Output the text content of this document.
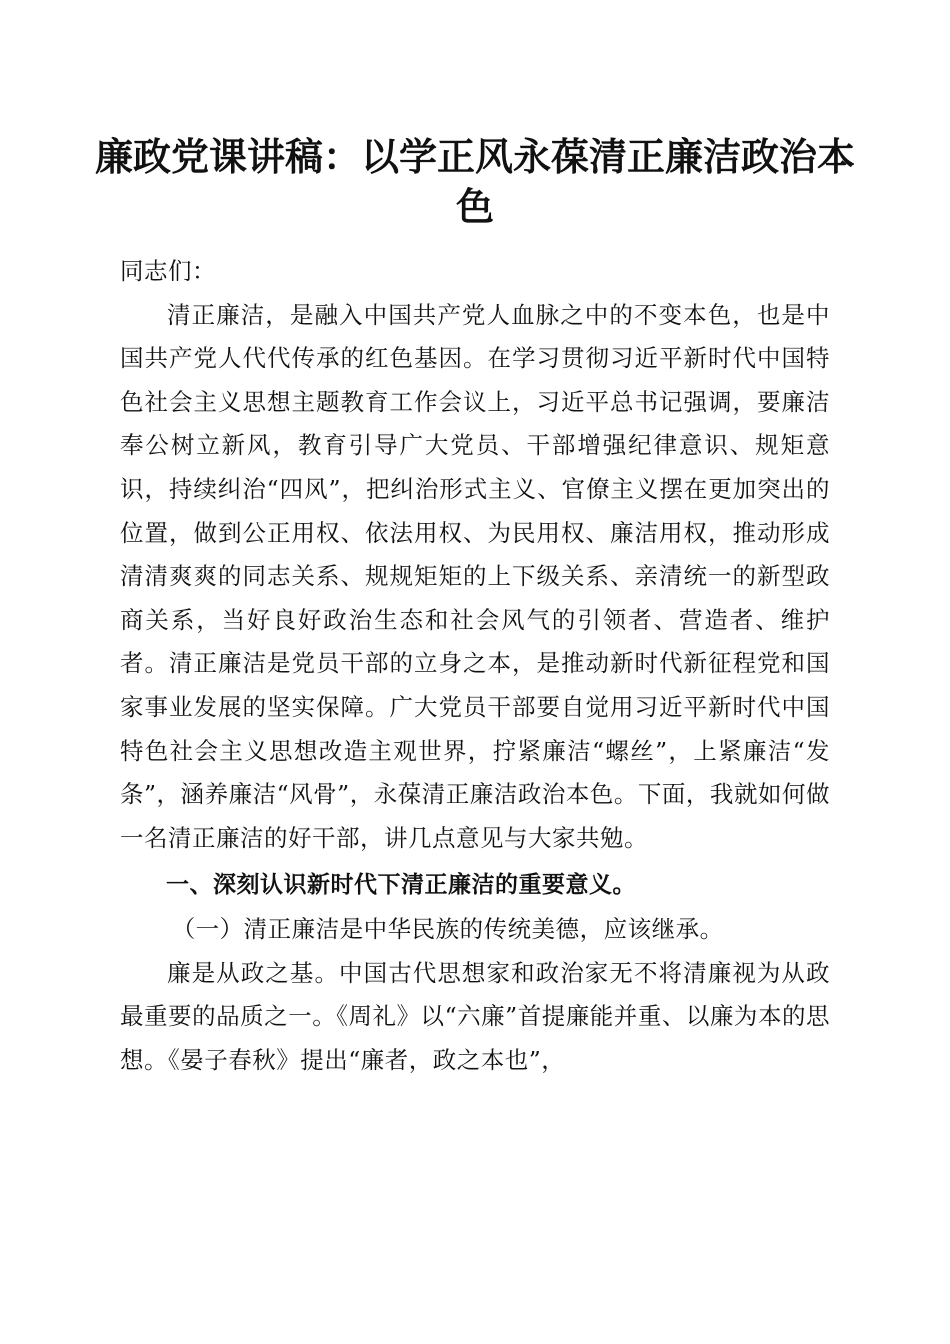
廉政党课讲稿：以学正风永葆清正廉洁政治本色

同志们：

清正廉洁，是融入中国共产党人血脉之中的不变本色，也是中国共产党人代代传承的红色基因。在学习贯彻习近平新时代中国特色社会主义思想主题教育工作会议上，习近平总书记强调，要廉洁奉公树立新风，教育引导广大党员、干部增强纪律意识、规矩意识，持续纠治“四风”，把纠治形式主义、官僚主义摆在更加突出的位置，做到公正用权、依法用权、为民用权、廉洁用权，推动形成清清爽爽的同志关系、规规矩矩的上下级关系、亲清统一的新型政商关系，当好良好政治生态和社会风气的引领者、营造者、维护者。清正廉洁是党员干部的立身之本，是推动新时代新征程党和国家事业发展的坚实保障。广大党员干部要自觉用习近平新时代中国特色社会主义思想改造主观世界，拧紧廉洁“螺丝”，上紧廉洁“发条”，涵养廉洁“风骨”，永葆清正廉洁政治本色。下面，我就如何做一名清正廉洁的好干部，讲几点意见与大家共勉。

一、深刻认识新时代下清正廉洁的重要意义。

（一）清正廉洁是中华民族的传统美德，应该继承。

廉是从政之基。中国古代思想家和政治家无不将清廉视为从政最重要的品质之一。《周礼》以“六廉”首提廉能并重、以廉为本的思想。《晏子春秋》提出“廉者，政之本也”，
